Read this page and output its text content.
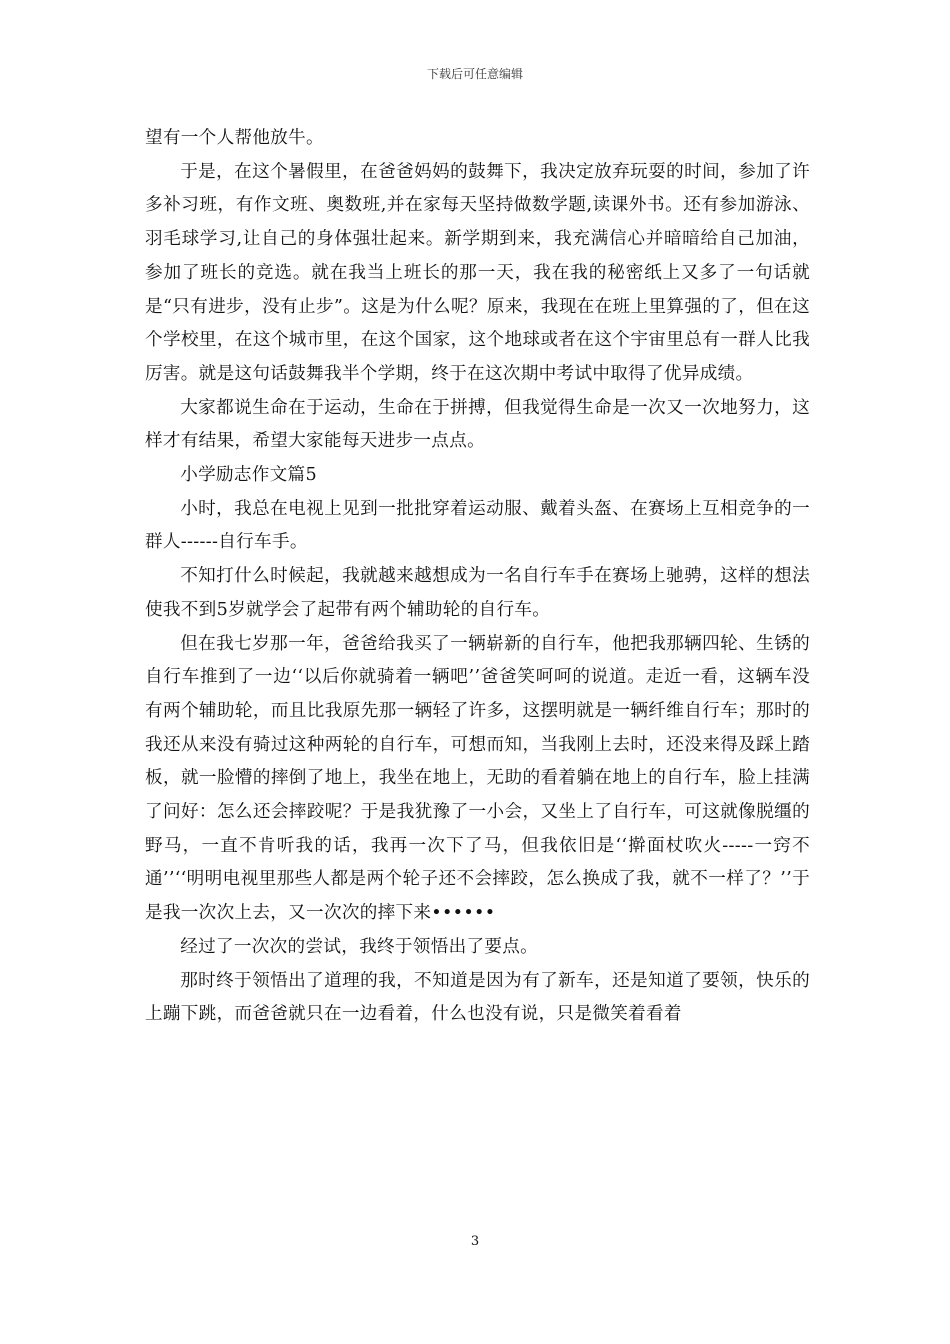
下载后可任意编辑

望有一个人帮他放牛。

于是，在这个暑假里，在爸爸妈妈的鼓舞下，我决定放弃玩耍的时间，参加了许多补习班，有作文班、奥数班,并在家每天坚持做数学题,读课外书。还有参加游泳、羽毛球学习,让自己的身体强壮起来。新学期到来，我充满信心并暗暗给自己加油，参加了班长的竞选。就在我当上班长的那一天，我在我的秘密纸上又多了一句话就是“只有进步，没有止步”。这是为什么呢？原来，我现在在班上里算强的了，但在这个学校里，在这个城市里，在这个国家，这个地球或者在这个宇宙里总有一群人比我厉害。就是这句话鼓舞我半个学期，终于在这次期中考试中取得了优异成绩。

大家都说生命在于运动，生命在于拼搏，但我觉得生命是一次又一次地努力，这样才有结果，希望大家能每天进步一点点。

小学励志作文篇5

小时，我总在电视上见到一批批穿着运动服、戴着头盔、在赛场上互相竞争的一群人------自行车手。

不知打什么时候起，我就越来越想成为一名自行车手在赛场上驰骋，这样的想法使我不到5岁就学会了起带有两个辅助轮的自行车。

但在我七岁那一年，爸爸给我买了一辆崭新的自行车，他把我那辆四轮、生锈的自行车推到了一边‘‘以后你就骑着一辆吧’’爸爸笑呵呵的说道。走近一看，这辆车没有两个辅助轮，而且比我原先那一辆轻了许多，这摆明就是一辆纤维自行车；那时的我还从来没有骑过这种两轮的自行车，可想而知，当我刚上去时，还没来得及踩上踏板，就一脸懵的摔倒了地上，我坐在地上，无助的看着躺在地上的自行车，脸上挂满了问好：怎么还会摔跤呢？于是我犹豫了一小会，又坐上了自行车，可这就像脱缰的野马，一直不肯听我的话，我再一次下了马，但我依旧是‘‘擀面杖吹火-----一窍不通’’‘‘明明电视里那些人都是两个轮子还不会摔跤，怎么换成了我，就不一样了？’’于是我一次次上去，又一次次的摔下来••••••

经过了一次次的尝试，我终于领悟出了要点。

那时终于领悟出了道理的我，不知道是因为有了新车，还是知道了要领，快乐的上蹦下跳，而爸爸就只在一边看着，什么也没有说，只是微笑着看着

3
